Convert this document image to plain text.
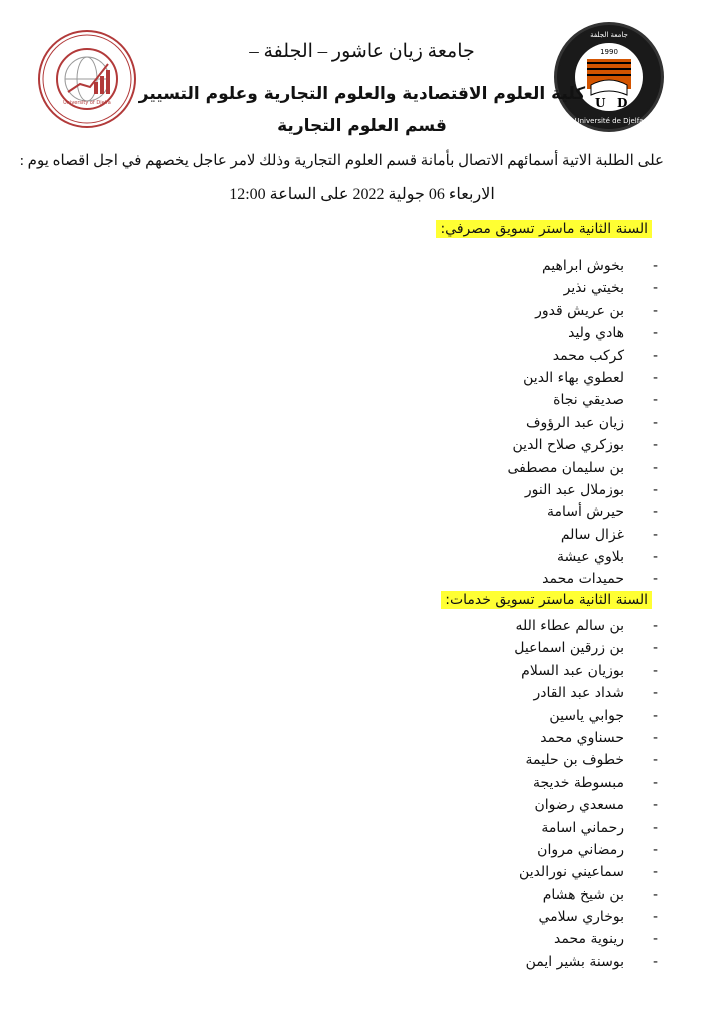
University of Djelfa
1990
U D
Université de Djelfa
جامعة الجلفة
جامعة زيان عاشور – الجلفة –
كلية العلوم الاقتصادية والعلوم التجارية وعلوم التسيير
قسم العلوم التجارية
على الطلبة الاتية أسمائهم الاتصال بأمانة قسم العلوم التجارية وذلك لامر عاجل يخصهم في اجل اقصاه يوم :
الاربعاء 06 جولية 2022 على الساعة 12:00
السنة الثانية ماستر تسويق مصرفي:
-بخوش ابراهيم
-بخيتي نذير
-بن عريش قدور
-هادي وليد
-كركب محمد
-لعطوي بهاء الدين
-صديقي نجاة
-زيان عبد الرؤوف
-بوزكري صلاح الدين
-بن سليمان مصطفى
-بوزملال عبد النور
-حيرش أسامة
-غزال سالم
-بلاوي عيشة
-حميدات محمد
السنة الثانية ماستر تسويق خدمات:
-بن سالم عطاء الله
-بن زرقين اسماعيل
-بوزيان عبد السلام
-شداد عبد القادر
-جوابي ياسين
-حسناوي محمد
-خطوف بن حليمة
-مبسوطة خديجة
-مسعدي رضوان
-رحماني اسامة
-رمضاني مروان
-سماعيني نورالدين
-بن شيخ هشام
-بوخاري سلامي
-رينوية محمد
-بوسنة بشير ايمن
